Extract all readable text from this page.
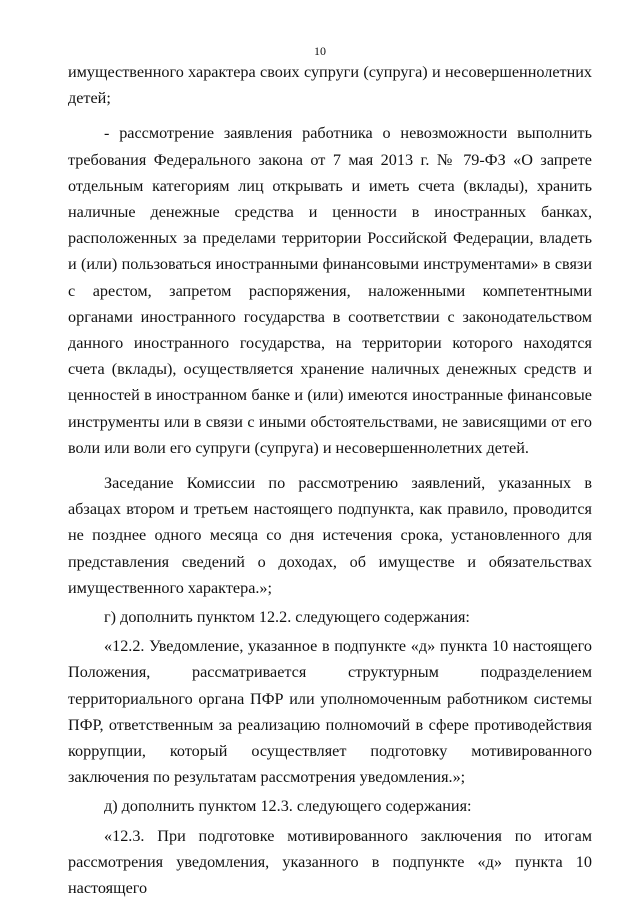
10

имущественного характера своих супруги (супруга) и несовершеннолетних детей;

- рассмотрение заявления работника о невозможности выполнить требования Федерального закона от 7 мая 2013 г. № 79-ФЗ «О запрете отдельным категориям лиц открывать и иметь счета (вклады), хранить наличные денежные средства и ценности в иностранных банках, расположенных за пределами территории Российской Федерации, владеть и (или) пользоваться иностранными финансовыми инструментами» в связи с арестом, запретом распоряжения, наложенными компетентными органами иностранного государства в соответствии с законодательством данного иностранного государства, на территории которого находятся счета (вклады), осуществляется хранение наличных денежных средств и ценностей в иностранном банке и (или) имеются иностранные финансовые инструменты или в связи с иными обстоятельствами, не зависящими от его воли или воли его супруги (супруга) и несовершеннолетних детей.

Заседание Комиссии по рассмотрению заявлений, указанных в абзацах втором и третьем настоящего подпункта, как правило, проводится не позднее одного месяца со дня истечения срока, установленного для представления сведений о доходах, об имуществе и обязательствах имущественного характера.»;

г) дополнить пунктом 12.2. следующего содержания:

«12.2. Уведомление, указанное в подпункте «д» пункта 10 настоящего Положения, рассматривается структурным подразделением территориального органа ПФР или уполномоченным работником системы ПФР, ответственным за реализацию полномочий в сфере противодействия коррупции, который осуществляет подготовку мотивированного заключения по результатам рассмотрения уведомления.»;

д) дополнить пунктом 12.3. следующего содержания:

«12.3. При подготовке мотивированного заключения по итогам рассмотрения уведомления, указанного в подпункте «д» пункта 10 настоящего
